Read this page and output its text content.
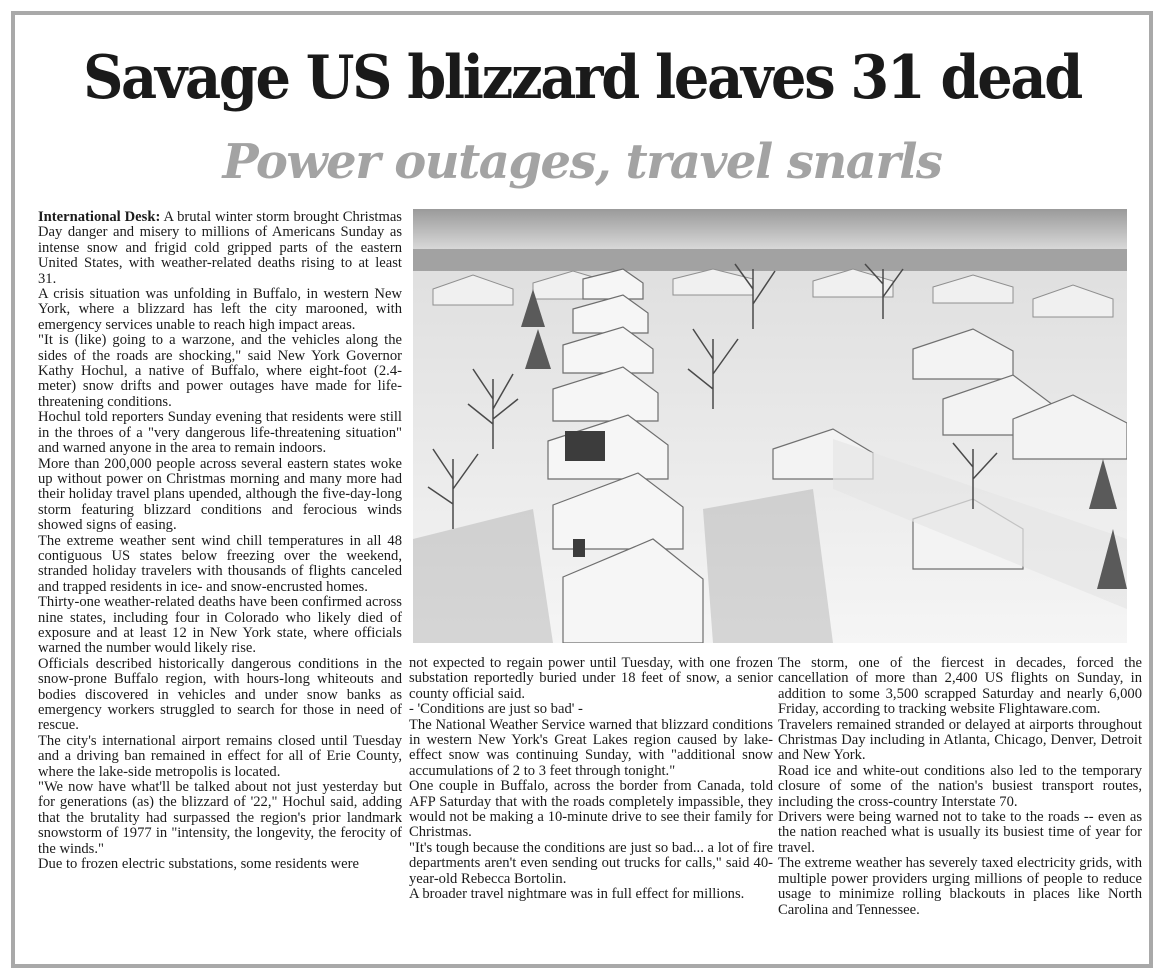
Savage US blizzard leaves 31 dead
Power outages, travel snarls

International Desk: A brutal winter storm brought Christmas Day danger and misery to millions of Americans Sunday as intense snow and frigid cold gripped parts of the eastern United States, with weather-related deaths rising to at least 31.

A crisis situation was unfolding in Buffalo, in western New York, where a blizzard has left the city marooned, with emergency services unable to reach high impact areas.

"It is (like) going to a warzone, and the vehicles along the sides of the roads are shocking," said New York Governor Kathy Hochul, a native of Buffalo, where eight-foot (2.4-meter) snow drifts and power outages have made for life-threatening conditions.

Hochul told reporters Sunday evening that residents were still in the throes of a "very dangerous life-threatening situation" and warned anyone in the area to remain indoors.

More than 200,000 people across several eastern states woke up without power on Christmas morning and many more had their holiday travel plans upended, although the five-day-long storm featuring blizzard conditions and ferocious winds showed signs of easing.

The extreme weather sent wind chill temperatures in all 48 contiguous US states below freezing over the weekend, stranded holiday travelers with thousands of flights canceled and trapped residents in ice- and snow-encrusted homes.

Thirty-one weather-related deaths have been confirmed across nine states, including four in Colorado who likely died of exposure and at least 12 in New York state, where officials warned the number would likely rise.

Officials described historically dangerous conditions in the snow-prone Buffalo region, with hours-long whiteouts and bodies discovered in vehicles and under snow banks as emergency workers struggled to search for those in need of rescue.

The city's international airport remains closed until Tuesday and a driving ban remained in effect for all of Erie County, where the lake-side metropolis is located.

"We now have what'll be talked about not just yesterday but for generations (as) the blizzard of '22," Hochul said, adding that the brutality had surpassed the region's prior landmark snowstorm of 1977 in "intensity, the longevity, the ferocity of the winds."

Due to frozen electric substations, some residents were

not expected to regain power until Tuesday, with one frozen substation reportedly buried under 18 feet of snow, a senior county official said.

- 'Conditions are just so bad' -

The National Weather Service warned that blizzard conditions in western New York's Great Lakes region caused by lake-effect snow was continuing Sunday, with "additional snow accumulations of 2 to 3 feet through tonight."

One couple in Buffalo, across the border from Canada, told AFP Saturday that with the roads completely impassible, they would not be making a 10-minute drive to see their family for Christmas.

"It's tough because the conditions are just so bad... a lot of fire departments aren't even sending out trucks for calls," said 40-year-old Rebecca Bortolin.

A broader travel nightmare was in full effect for millions.

The storm, one of the fiercest in decades, forced the cancellation of more than 2,400 US flights on Sunday, in addition to some 3,500 scrapped Saturday and nearly 6,000 Friday, according to tracking website Flightaware.com.

Travelers remained stranded or delayed at airports throughout Christmas Day including in Atlanta, Chicago, Denver, Detroit and New York.

Road ice and white-out conditions also led to the temporary closure of some of the nation's busiest transport routes, including the cross-country Interstate 70.

Drivers were being warned not to take to the roads -- even as the nation reached what is usually its busiest time of year for travel.

The extreme weather has severely taxed electricity grids, with multiple power providers urging millions of people to reduce usage to minimize rolling blackouts in places like North Carolina and Tennessee.
